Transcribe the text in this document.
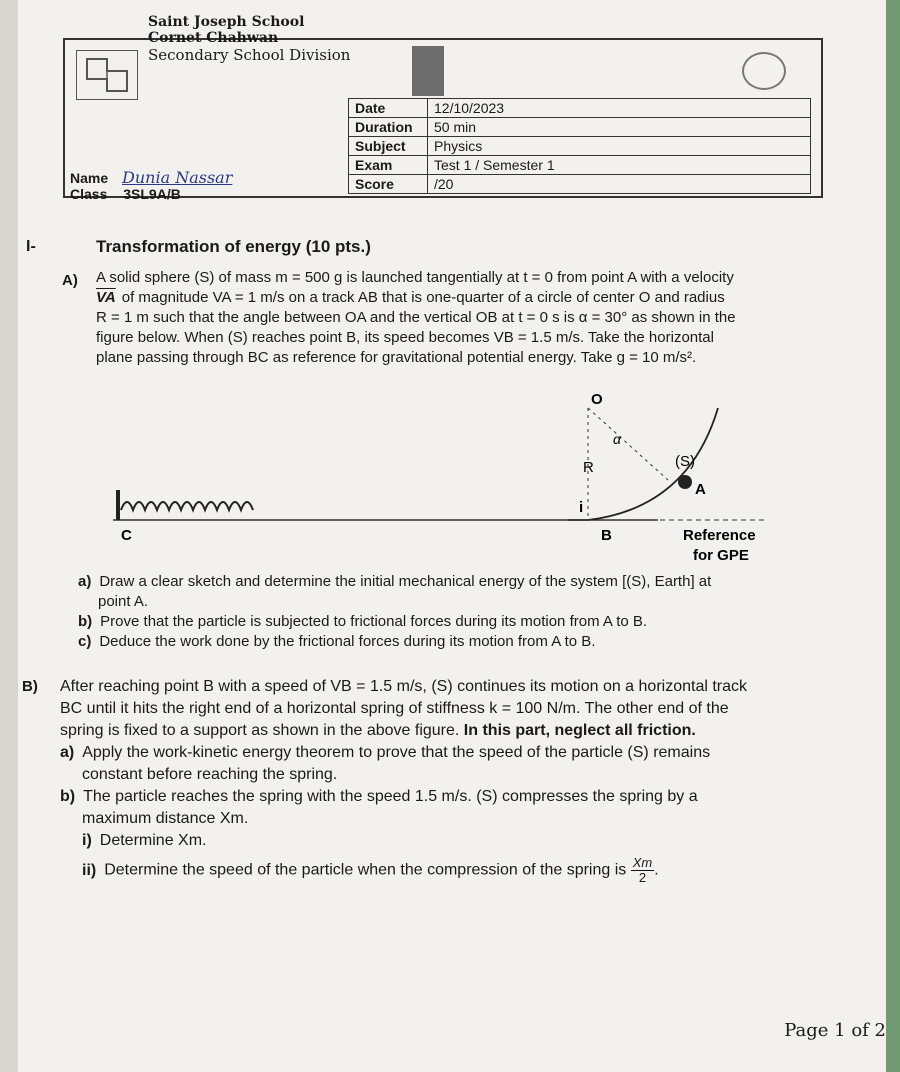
Saint Joseph School
Cornet Chahwan
Secondary School Division
Date	12/10/2023
Duration	50 min
Subject	Physics
Exam	Test 1 / Semester 1
Score	/20
Name Dunia Nassar
Class 3SL9A/B
I-	Transformation of energy (10 pts.)
A) A solid sphere (S) of mass m = 500 g is launched tangentially at t = 0 from point A with a velocity
$\overline{VA}$ of magnitude VA = 1 m/s on a track AB that is one-quarter of a circle of center O and radius
R = 1 m such that the angle between OA and the vertical OB at t = 0 s is α = 30° as shown in the
figure below. When (S) reaches point B, its speed becomes VB = 1.5 m/s. Take the horizontal
plane passing through BC as reference for gravitational potential energy. Take g = 10 m/s².
C	B
O
R
α
(S)
A
i
Reference
for GPE
a) Draw a clear sketch and determine the initial mechanical energy of the system [(S), Earth] at
point A.
b) Prove that the particle is subjected to frictional forces during its motion from A to B.
c) Deduce the work done by the frictional forces during its motion from A to B.
B) After reaching point B with a speed of VB = 1.5 m/s, (S) continues its motion on a horizontal track
BC until it hits the right end of a horizontal spring of stiffness k = 100 N/m. The other end of the
spring is fixed to a support as shown in the above figure. In this part, neglect all friction.
a) Apply the work-kinetic energy theorem to prove that the speed of the particle (S) remains
constant before reaching the spring.
b) The particle reaches the spring with the speed 1.5 m/s. (S) compresses the spring by a
maximum distance Xm.
i) Determine Xm.
ii) Determine the speed of the particle when the compression of the spring is $\frac{Xm}{2}$.
Page 1 of 2
